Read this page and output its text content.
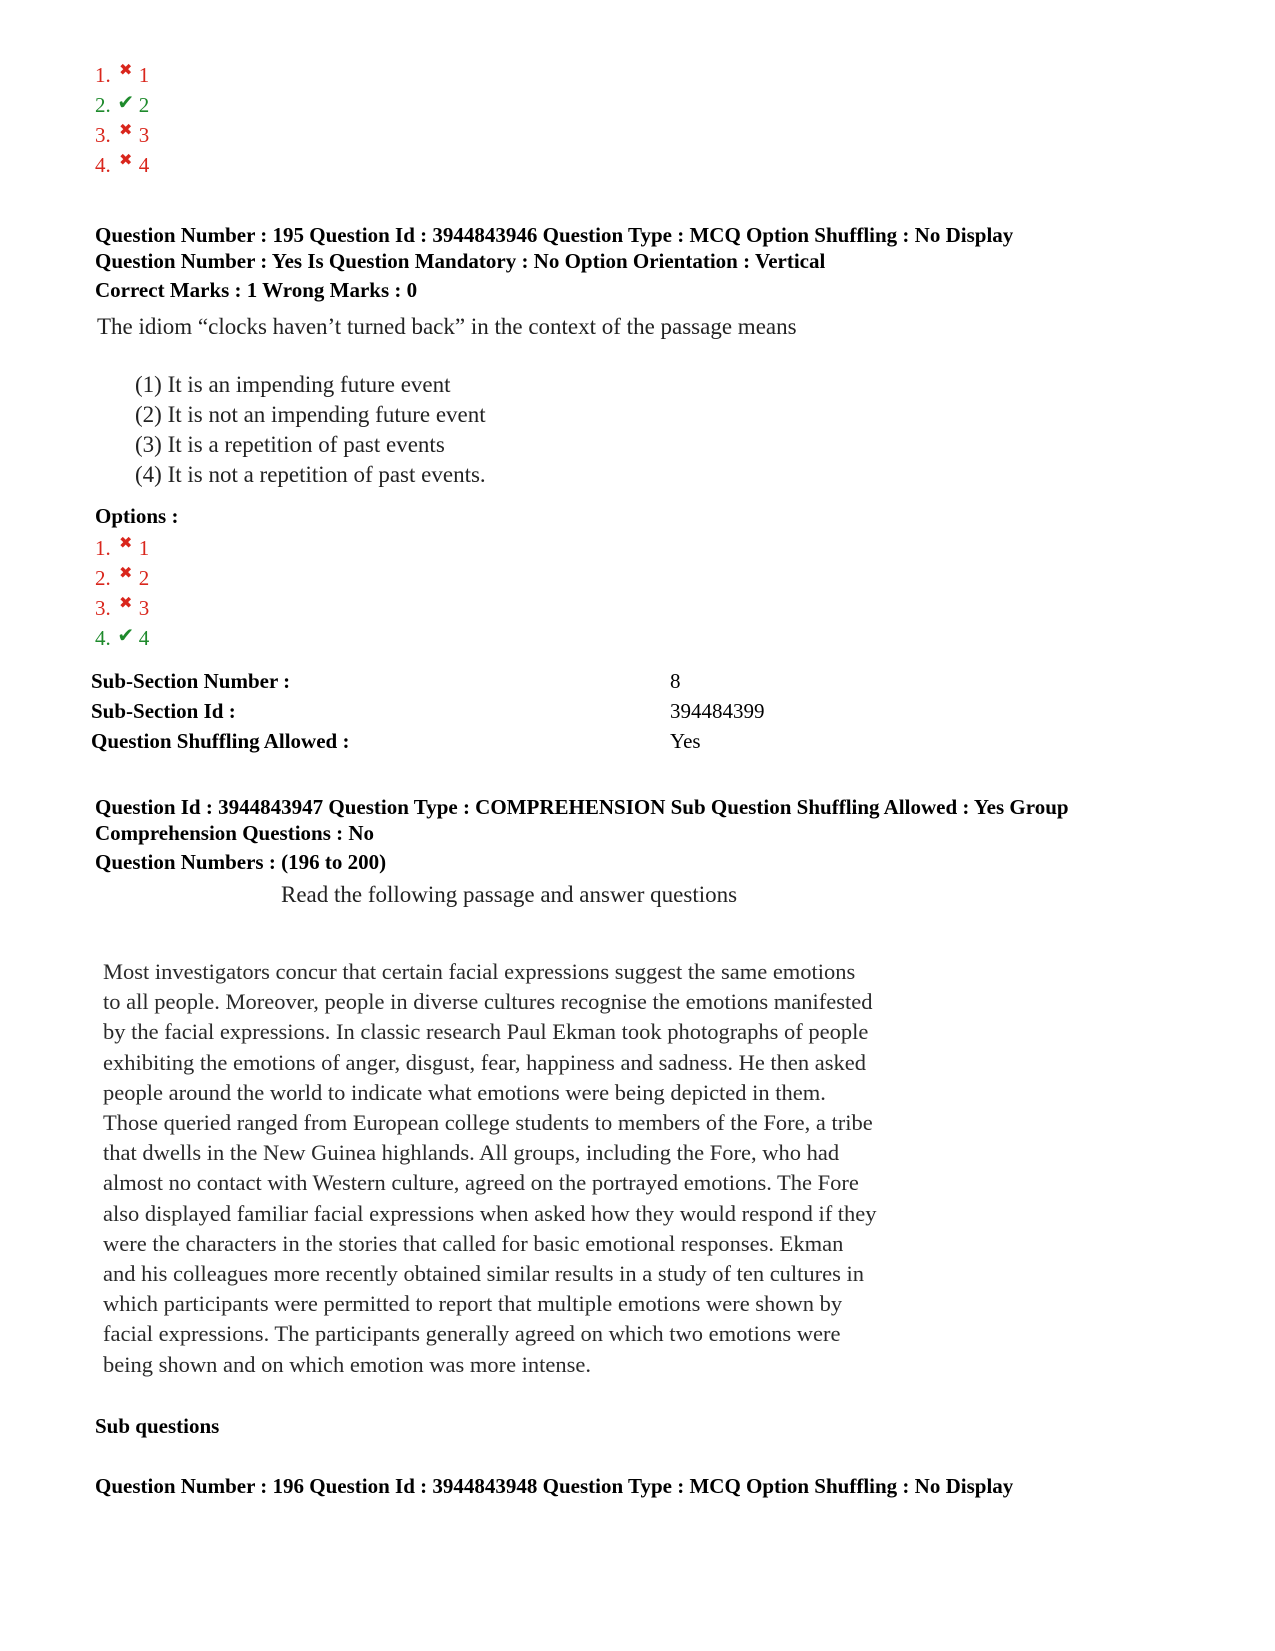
1. ✖ 1
2. ✔ 2
3. ✖ 3
4. ✖ 4
Question Number : 195 Question Id : 3944843946 Question Type : MCQ Option Shuffling : No Display
Question Number : Yes Is Question Mandatory : No Option Orientation : Vertical
Correct Marks : 1 Wrong Marks : 0
The idiom “clocks haven’t turned back” in the context of the passage means
(1) It is an impending future event
(2) It is not an impending future event
(3) It is a repetition of past events
(4) It is not a repetition of past events.
Options :
1. ✖ 1
2. ✖ 2
3. ✖ 3
4. ✔ 4
Sub-Section Number :	8
Sub-Section Id :	394484399
Question Shuffling Allowed :	Yes
Question Id : 3944843947 Question Type : COMPREHENSION Sub Question Shuffling Allowed : Yes Group
Comprehension Questions : No
Question Numbers : (196 to 200)
Read the following passage and answer questions
Most investigators concur that certain facial expressions suggest the same emotions
to all people. Moreover, people in diverse cultures recognise the emotions manifested
by the facial expressions. In classic research Paul Ekman took photographs of people
exhibiting the emotions of anger, disgust, fear, happiness and sadness. He then asked
people around the world to indicate what emotions were being depicted in them.
Those queried ranged from European college students to members of the Fore, a tribe
that dwells in the New Guinea highlands. All groups, including the Fore, who had
almost no contact with Western culture, agreed on the portrayed emotions. The Fore
also displayed familiar facial expressions when asked how they would respond if they
were the characters in the stories that called for basic emotional responses. Ekman
and his colleagues more recently obtained similar results in a study of ten cultures in
which participants were permitted to report that multiple emotions were shown by
facial expressions. The participants generally agreed on which two emotions were
being shown and on which emotion was more intense.
Sub questions
Question Number : 196 Question Id : 3944843948 Question Type : MCQ Option Shuffling : No Display
